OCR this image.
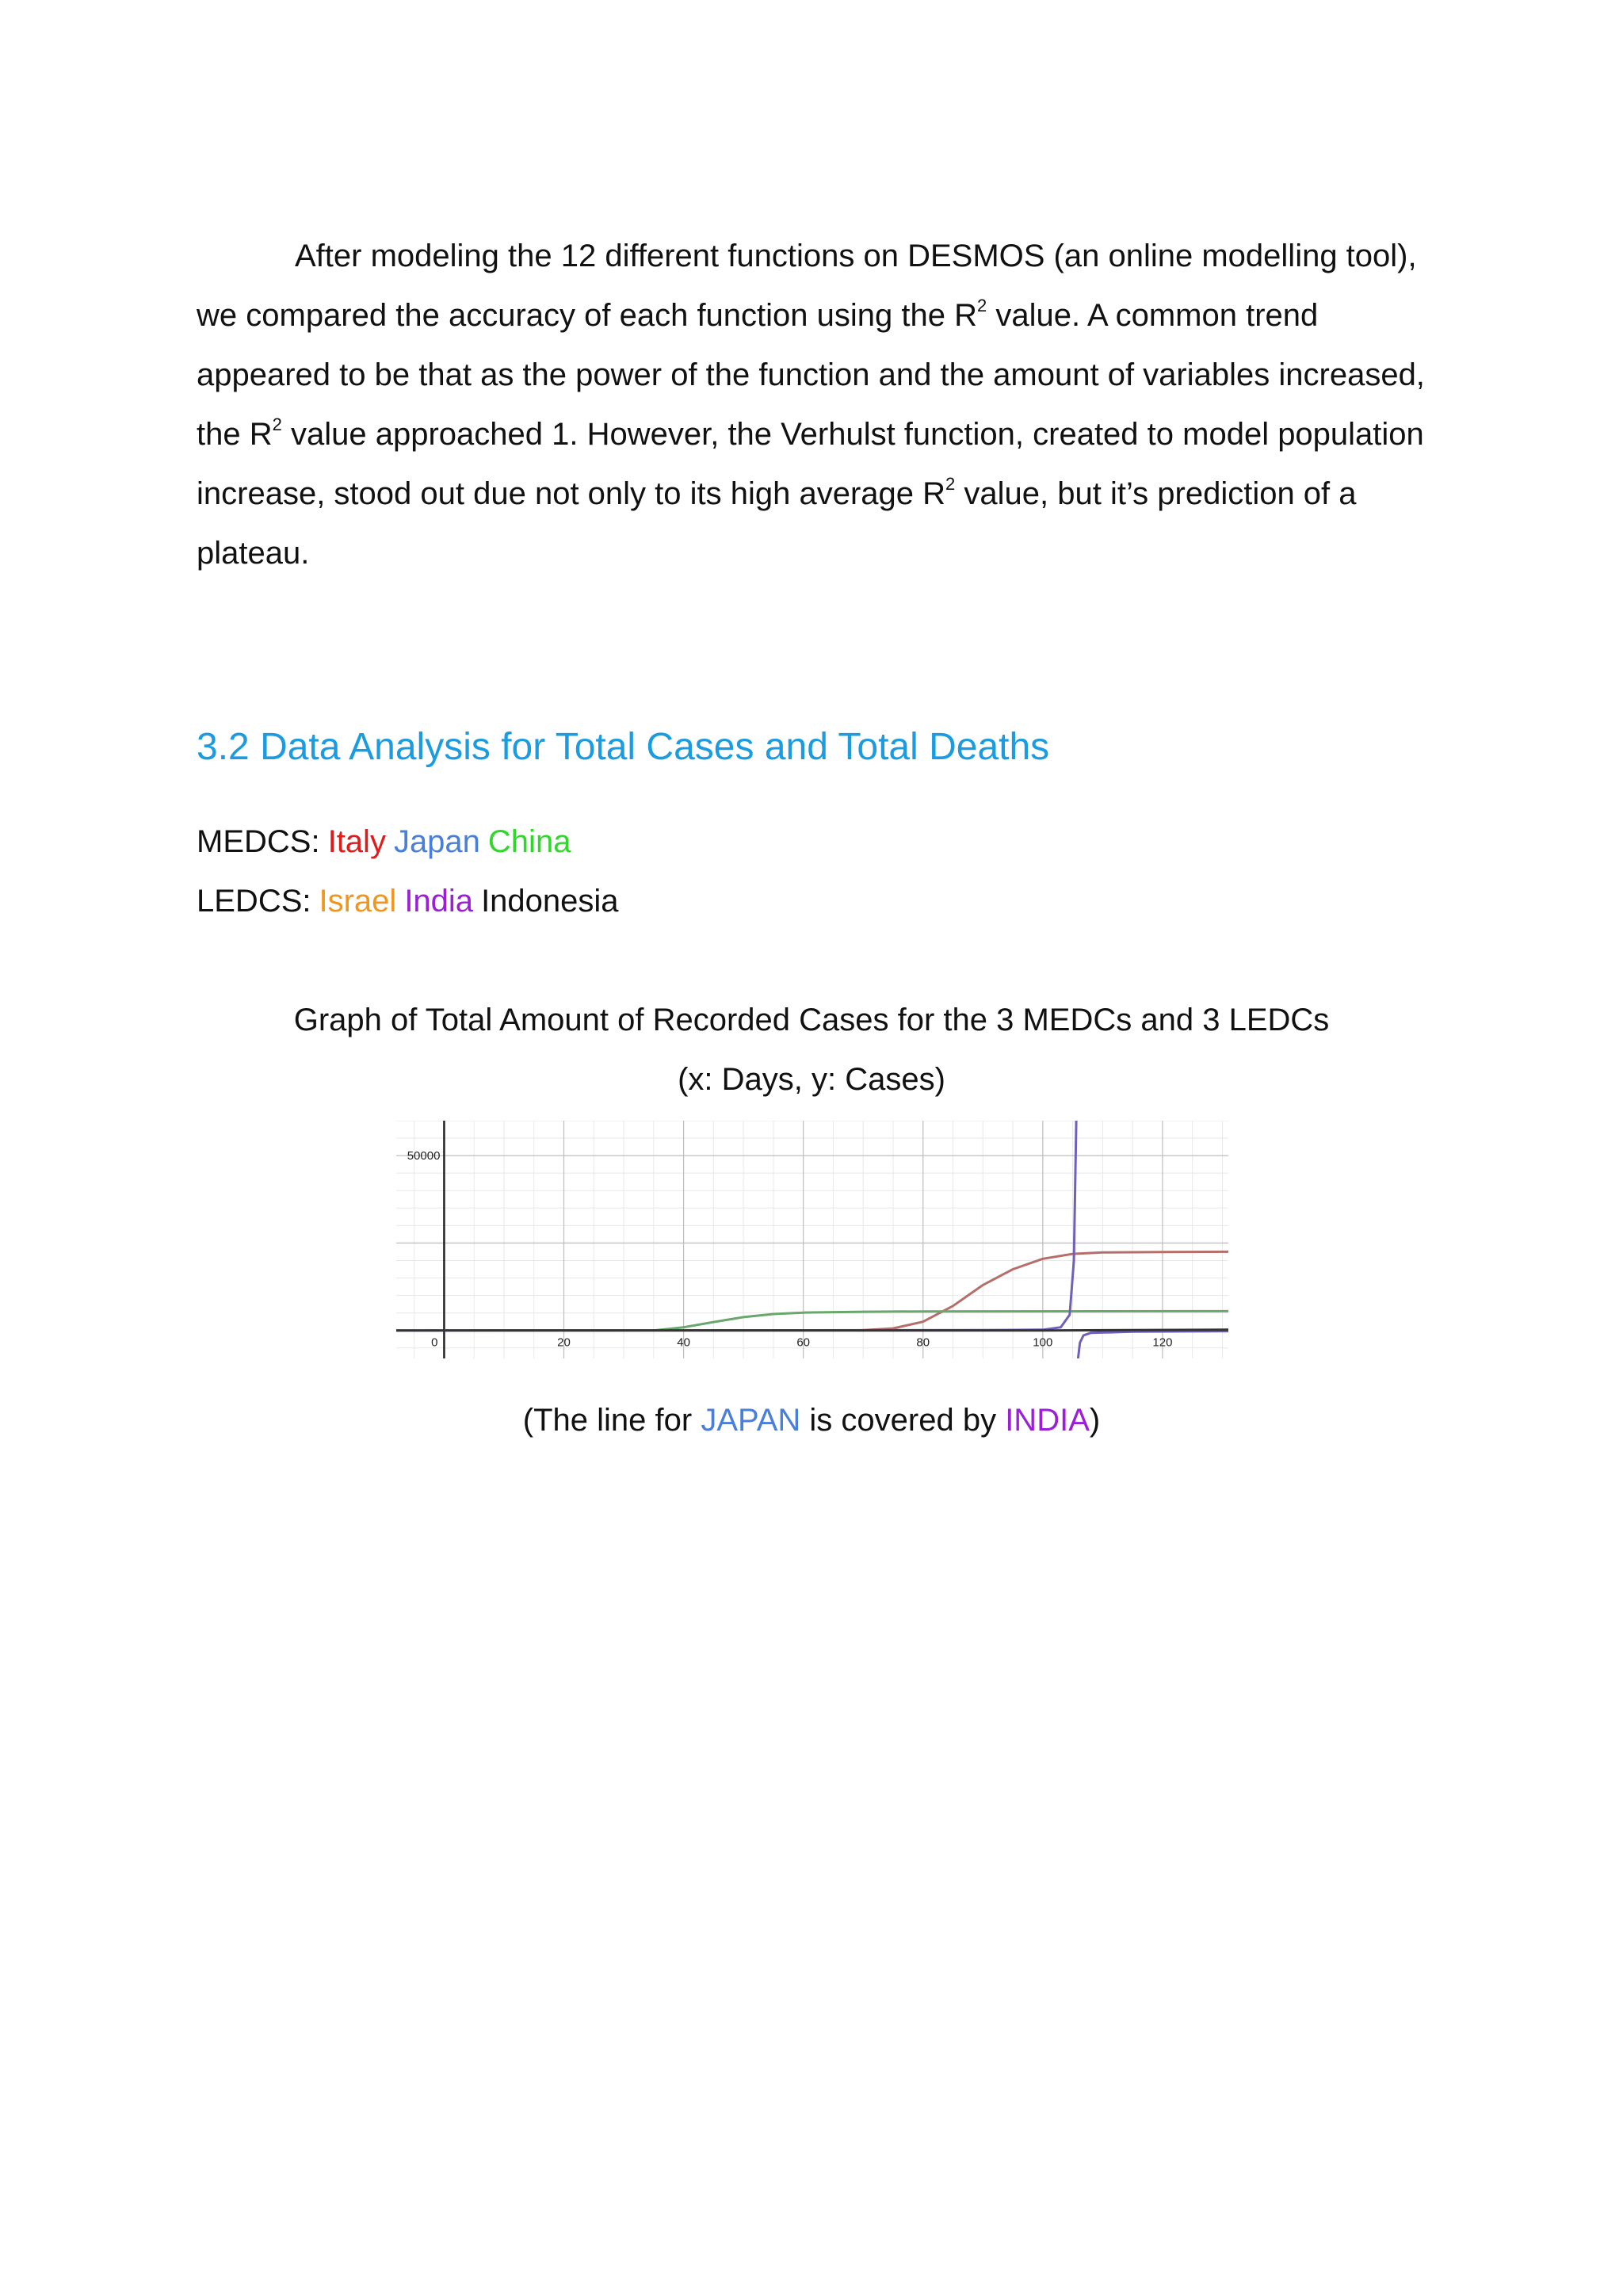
After modeling the 12 different functions on DESMOS (an online modelling tool), we compared the accuracy of each function using the $R^2$ value. A common trend appeared to be that as the power of the function and the amount of variables increased, the $R^2$ value approached 1. However, the Verhulst function, created to model population increase, stood out due not only to its high average $R^2$ value, but it’s prediction of a plateau.

3.2 Data Analysis for Total Cases and Total Deaths

MEDCS: Italy Japan China

LEDCS: Israel India Indonesia

Graph of Total Amount of Recorded Cases for the 3 MEDCs and 3 LEDCs

(x: Days, y: Cases)

0	20	40	60	80	100	120
50000

(The line for JAPAN is covered by INDIA)
